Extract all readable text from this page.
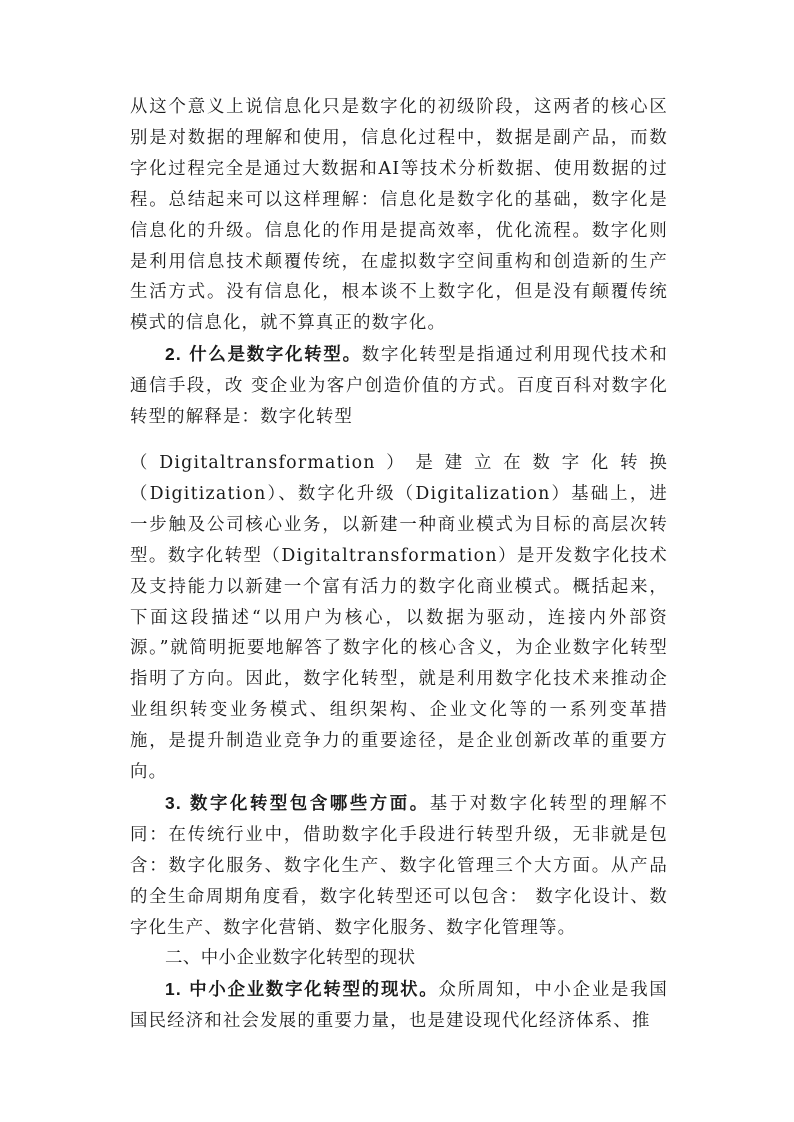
从这个意义上说信息化只是数字化的初级阶段，这两者的核心区别是对数据的理解和使用，信息化过程中，数据是副产品，而数字化过程完全是通过大数据和AI等技术分析数据、使用数据的过程。总结起来可以这样理解：信息化是数字化的基础，数字化是信息化的升级。信息化的作用是提高效率，优化流程。数字化则是利用信息技术颠覆传统，在虚拟数字空间重构和创造新的生产生活方式。没有信息化，根本谈不上数字化，但是没有颠覆传统模式的信息化，就不算真正的数字化。

2. 什么是数字化转型。数字化转型是指通过利用现代技术和通信手段，改 变企业为客户创造价值的方式。百度百科对数字化转型的解释是：数字化转型

（Digitaltransformation）是建立在数字化转换（Digitization）、数字化升级（Digitalization）基础上，进一步触及公司核心业务，以新建一种商业模式为目标的高层次转型。数字化转型（Digitaltransformation）是开发数字化技术及支持能力以新建一个富有活力的数字化商业模式。概括起来，下面这段描述“以用户为核心，以数据为驱动，连接内外部资源。”就简明扼要地解答了数字化的核心含义，为企业数字化转型指明了方向。因此，数字化转型，就是利用数字化技术来推动企业组织转变业务模式、组织架构、企业文化等的一系列变革措施，是提升制造业竞争力的重要途径，是企业创新改革的重要方向。

3. 数字化转型包含哪些方面。基于对数字化转型的理解不同：在传统行业中，借助数字化手段进行转型升级，无非就是包含：数字化服务、数字化生产、数字化管理三个大方面。从产品的全生命周期角度看，数字化转型还可以包含： 数字化设计、数字化生产、数字化营销、数字化服务、数字化管理等。

二、中小企业数字化转型的现状

1. 中小企业数字化转型的现状。众所周知，中小企业是我国国民经济和社会发展的重要力量，也是建设现代化经济体系、推
